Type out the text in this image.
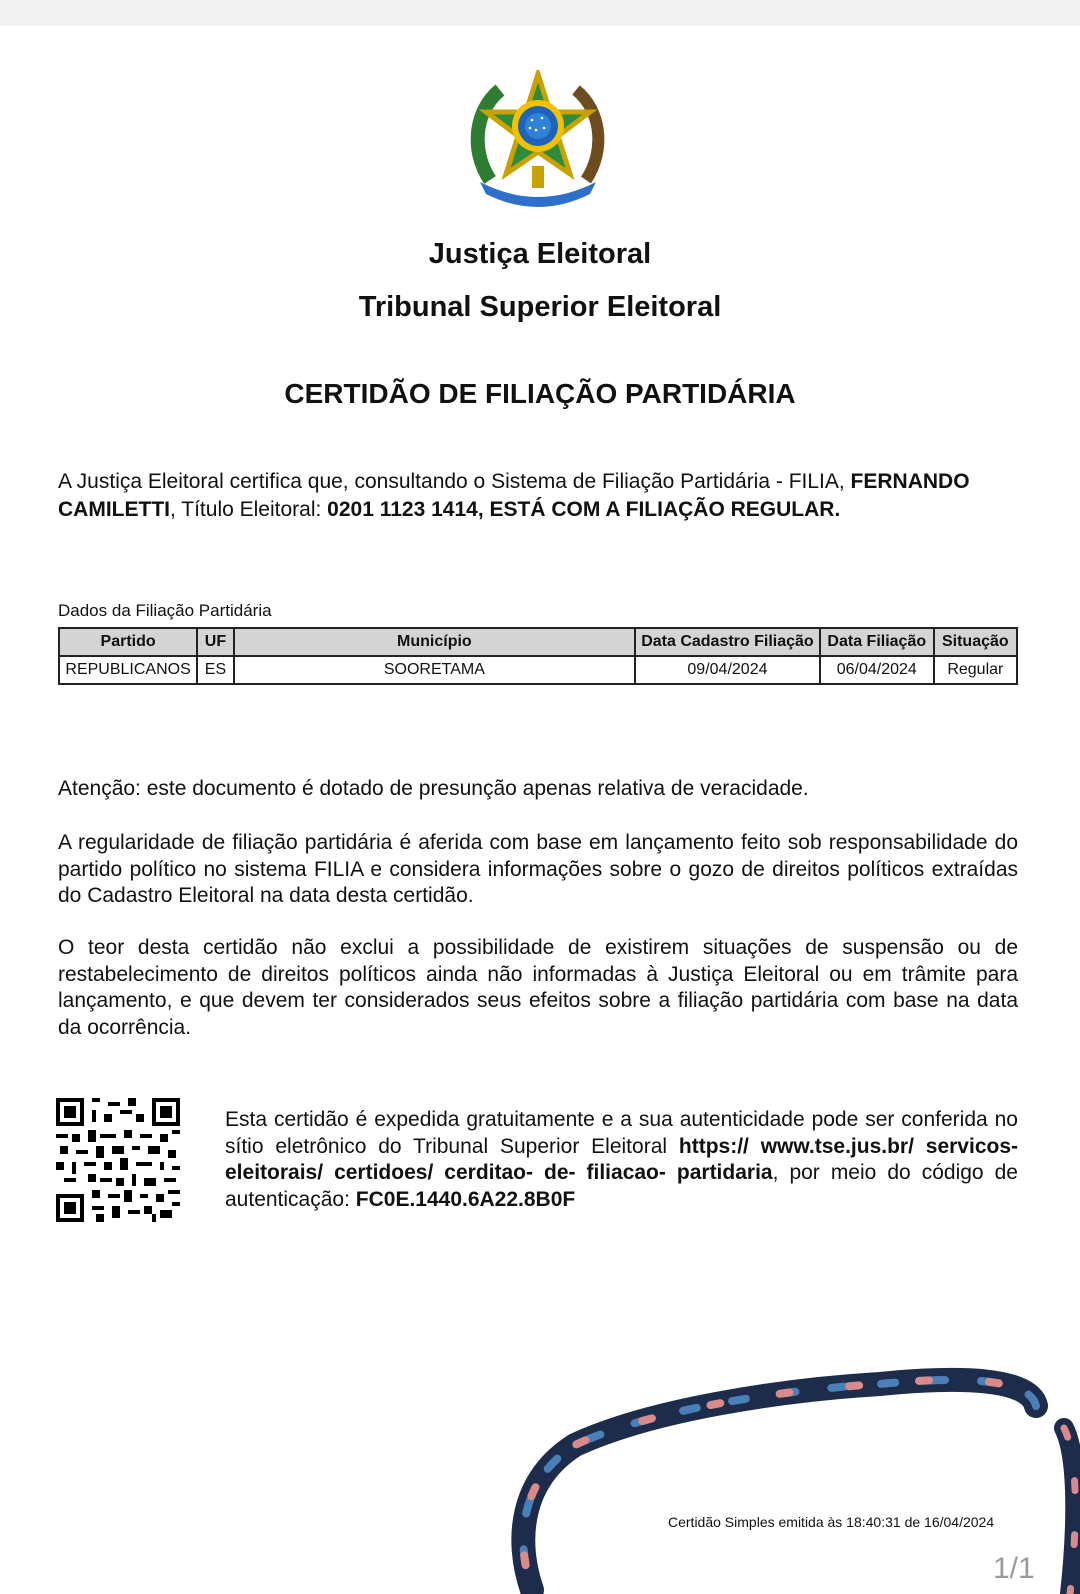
Justiça Eleitoral
Tribunal Superior Eleitoral
CERTIDÃO DE FILIAÇÃO PARTIDÁRIA
A Justiça Eleitoral certifica que, consultando o Sistema de Filiação Partidária - FILIA, FERNANDO CAMILETTI, Título Eleitoral: 0201 1123 1414, ESTÁ COM A FILIAÇÃO REGULAR.
Dados da Filiação Partidária
Partido	UF	Município	Data Cadastro Filiação	Data Filiação	Situação
REPUBLICANOS	ES	SOORETAMA	09/04/2024	06/04/2024	Regular
Atenção: este documento é dotado de presunção apenas relativa de veracidade.
A regularidade de filiação partidária é aferida com base em lançamento feito sob responsabilidade do partido político no sistema FILIA e considera informações sobre o gozo de direitos políticos extraídas do Cadastro Eleitoral na data desta certidão.
O teor desta certidão não exclui a possibilidade de existirem situações de suspensão ou de restabelecimento de direitos políticos ainda não informadas à Justiça Eleitoral ou em trâmite para lançamento, e que devem ter considerados seus efeitos sobre a filiação partidária com base na data da ocorrência.
Esta certidão é expedida gratuitamente e a sua autenticidade pode ser conferida no sítio eletrônico do Tribunal Superior Eleitoral https:// www.tse.jus.br/ servicos- eleitorais/ certidoes/ cerditao- de- filiacao- partidaria, por meio do código de autenticação: FC0E.1440.6A22.8B0F
Certidão Simples emitida às 18:40:31 de 16/04/2024
1/1
